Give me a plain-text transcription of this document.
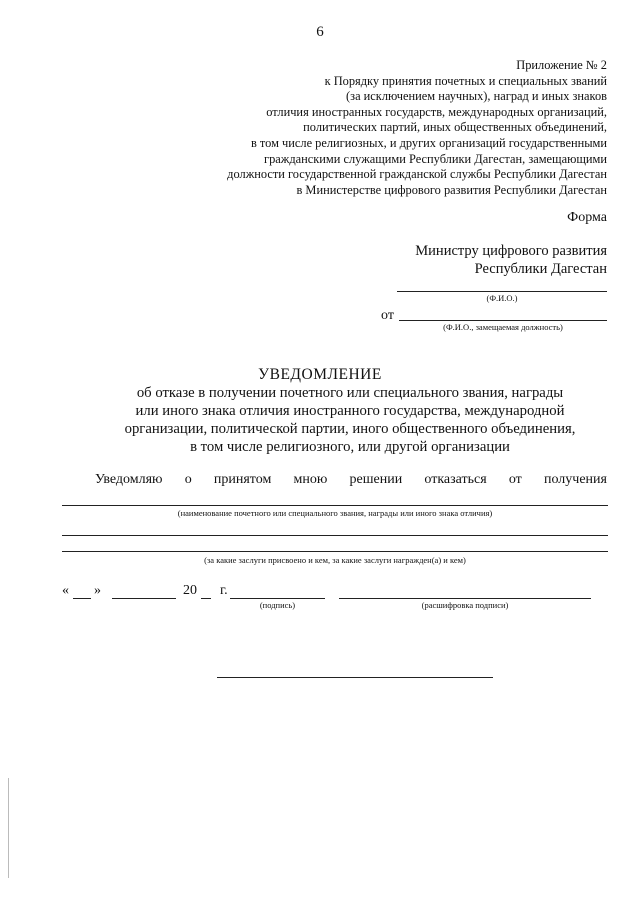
6
Приложение № 2
к Порядку принятия почетных и специальных званий
(за исключением научных), наград и иных знаков
отличия иностранных государств, международных организаций,
политических партий, иных общественных объединений,
в том числе религиозных, и других организаций государственными
гражданскими служащими Республики Дагестан, замещающими
должности государственной гражданской службы Республики Дагестан
в Министерстве цифрового развития Республики Дагестан
Форма
Министру цифрового развития
Республики Дагестан
(Ф.И.О.)
от
(Ф.И.О., замещаемая должность)
УВЕДОМЛЕНИЕ
об отказе в получении почетного или специального звания, награды
или иного знака отличия иностранного государства, международной
организации, политической партии, иного общественного объединения,
в том числе религиозного, или другой организации
Уведомляю о принятом мною решении отказаться от получения
(наименование почетного или специального звания, награды или иного знака отличия)
(за какие заслуги присвоено и кем, за какие заслуги награжден(а) и кем)
« »	20 г.
(подпись)	(расшифровка подписи)
